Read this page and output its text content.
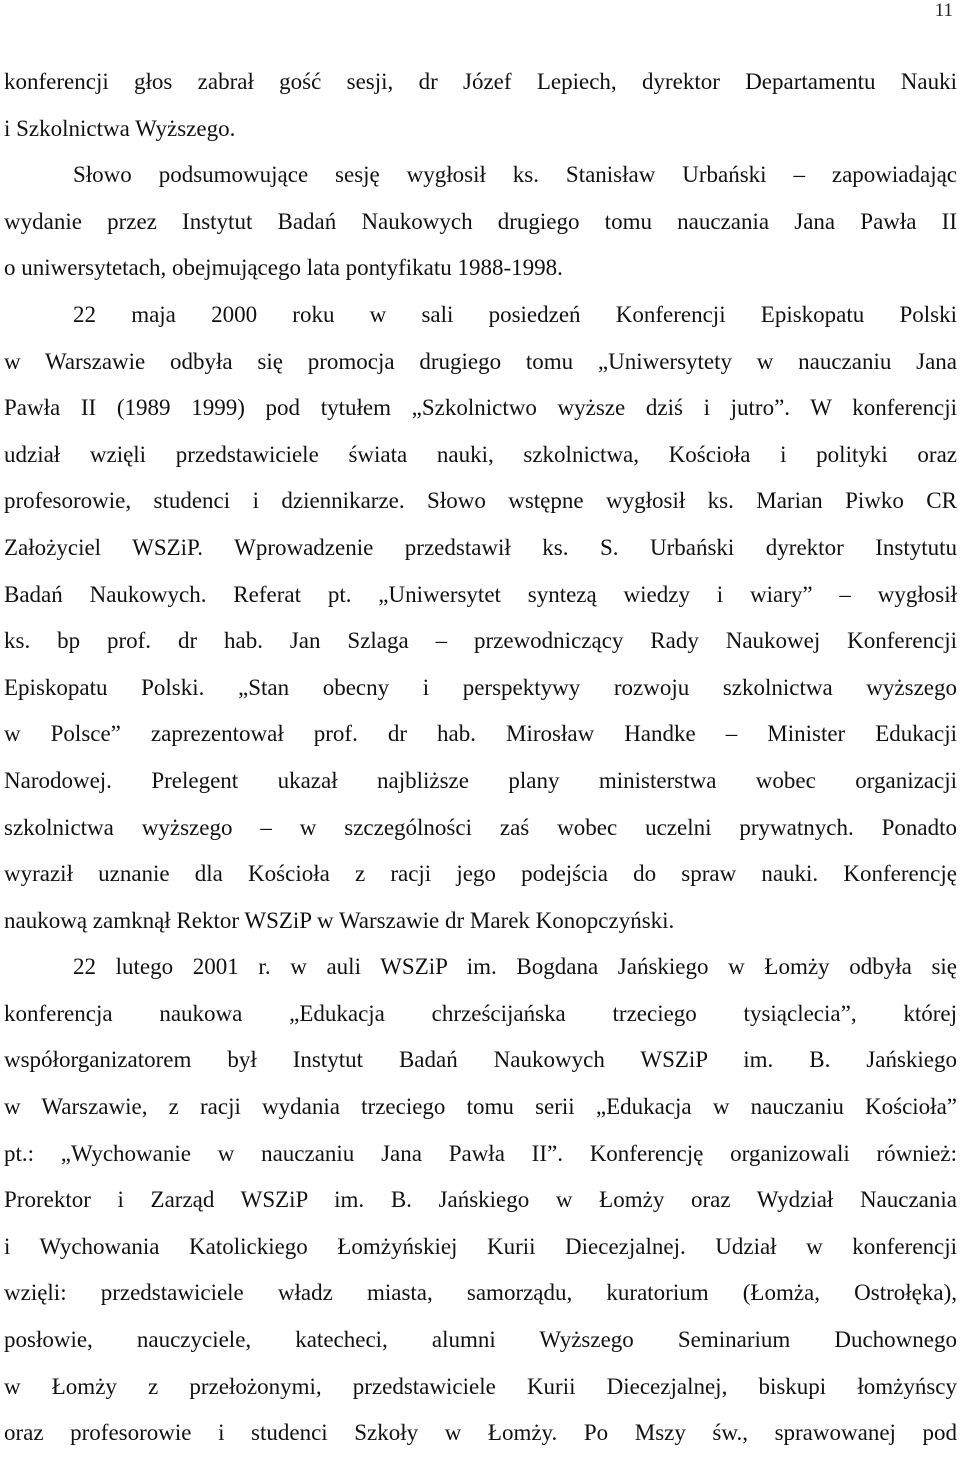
11
konferencji głos zabrał gość sesji, dr Józef Lepiech, dyrektor Departamentu Nauki
i Szkolnictwa Wyższego.
Słowo podsumowujące sesję wygłosił ks. Stanisław Urbański – zapowiadając
wydanie przez Instytut Badań Naukowych drugiego tomu nauczania Jana Pawła II
o uniwersytetach, obejmującego lata pontyfikatu 1988-1998.
22 maja 2000 roku w sali posiedzeń Konferencji Episkopatu Polski
w Warszawie odbyła się promocja drugiego tomu „Uniwersytety w nauczaniu Jana
Pawła II (1989 1999) pod tytułem „Szkolnictwo wyższe dziś i jutro”. W konferencji
udział wzięli przedstawiciele świata nauki, szkolnictwa, Kościoła i polityki oraz
profesorowie, studenci i dziennikarze. Słowo wstępne wygłosił ks. Marian Piwko CR
Założyciel WSZiP. Wprowadzenie przedstawił ks. S. Urbański dyrektor Instytutu
Badań Naukowych. Referat pt. „Uniwersytet syntezą wiedzy i wiary” – wygłosił
ks. bp prof. dr hab. Jan Szlaga – przewodniczący Rady Naukowej Konferencji
Episkopatu Polski. „Stan obecny i perspektywy rozwoju szkolnictwa wyższego
w Polsce” zaprezentował prof. dr hab. Mirosław Handke – Minister Edukacji
Narodowej. Prelegent ukazał najbliższe plany ministerstwa wobec organizacji
szkolnictwa wyższego – w szczególności zaś wobec uczelni prywatnych. Ponadto
wyraził uznanie dla Kościoła z racji jego podejścia do spraw nauki. Konferencję
naukową zamknął Rektor WSZiP w Warszawie dr Marek Konopczyński.
22 lutego 2001 r. w auli WSZiP im. Bogdana Jańskiego w Łomży odbyła się
konferencja naukowa „Edukacja chrześcijańska trzeciego tysiąclecia”, której
współorganizatorem był Instytut Badań Naukowych WSZiP im. B. Jańskiego
w Warszawie, z racji wydania trzeciego tomu serii „Edukacja w nauczaniu Kościoła”
pt.: „Wychowanie w nauczaniu Jana Pawła II”. Konferencję organizowali również:
Prorektor i Zarząd WSZiP im. B. Jańskiego w Łomży oraz Wydział Nauczania
i Wychowania Katolickiego Łomżyńskiej Kurii Diecezjalnej. Udział w konferencji
wzięli: przedstawiciele władz miasta, samorządu, kuratorium (Łomża, Ostrołęka),
posłowie, nauczyciele, katecheci, alumni Wyższego Seminarium Duchownego
w Łomży z przełożonymi, przedstawiciele Kurii Diecezjalnej, biskupi łomżyńscy
oraz profesorowie i studenci Szkoły w Łomży. Po Mszy św., sprawowanej pod
